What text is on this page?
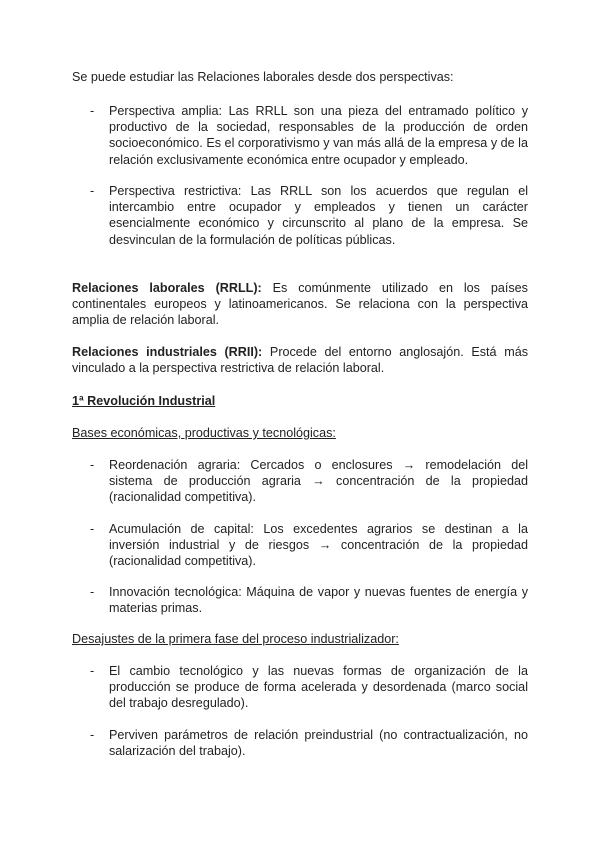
Se puede estudiar las Relaciones laborales desde dos perspectivas:

- Perspectiva amplia: Las RRLL son una pieza del entramado político y productivo de la sociedad, responsables de la producción de orden socioeconómico. Es el corporativismo y van más allá de la empresa y de la relación exclusivamente económica entre ocupador y empleado.
- Perspectiva restrictiva: Las RRLL son los acuerdos que regulan el intercambio entre ocupador y empleados y tienen un carácter esencialmente económico y circunscrito al plano de la empresa. Se desvinculan de la formulación de políticas públicas.

Relaciones laborales (RRLL): Es comúnmente utilizado en los países continentales europeos y latinoamericanos. Se relaciona con la perspectiva amplia de relación laboral.

Relaciones industriales (RRII): Procede del entorno anglosajón. Está más vinculado a la perspectiva restrictiva de relación laboral.

1ª Revolución Industrial

Bases económicas, productivas y tecnológicas:

- Reordenación agraria: Cercados o enclosures → remodelación del sistema de producción agraria → concentración de la propiedad (racionalidad competitiva).
- Acumulación de capital: Los excedentes agrarios se destinan a la inversión industrial y de riesgos → concentración de la propiedad (racionalidad competitiva).
- Innovación tecnológica: Máquina de vapor y nuevas fuentes de energía y materias primas.

Desajustes de la primera fase del proceso industrializador:

- El cambio tecnológico y las nuevas formas de organización de la producción se produce de forma acelerada y desordenada (marco social del trabajo desregulado).
- Perviven parámetros de relación preindustrial (no contractualización, no salarización del trabajo).
